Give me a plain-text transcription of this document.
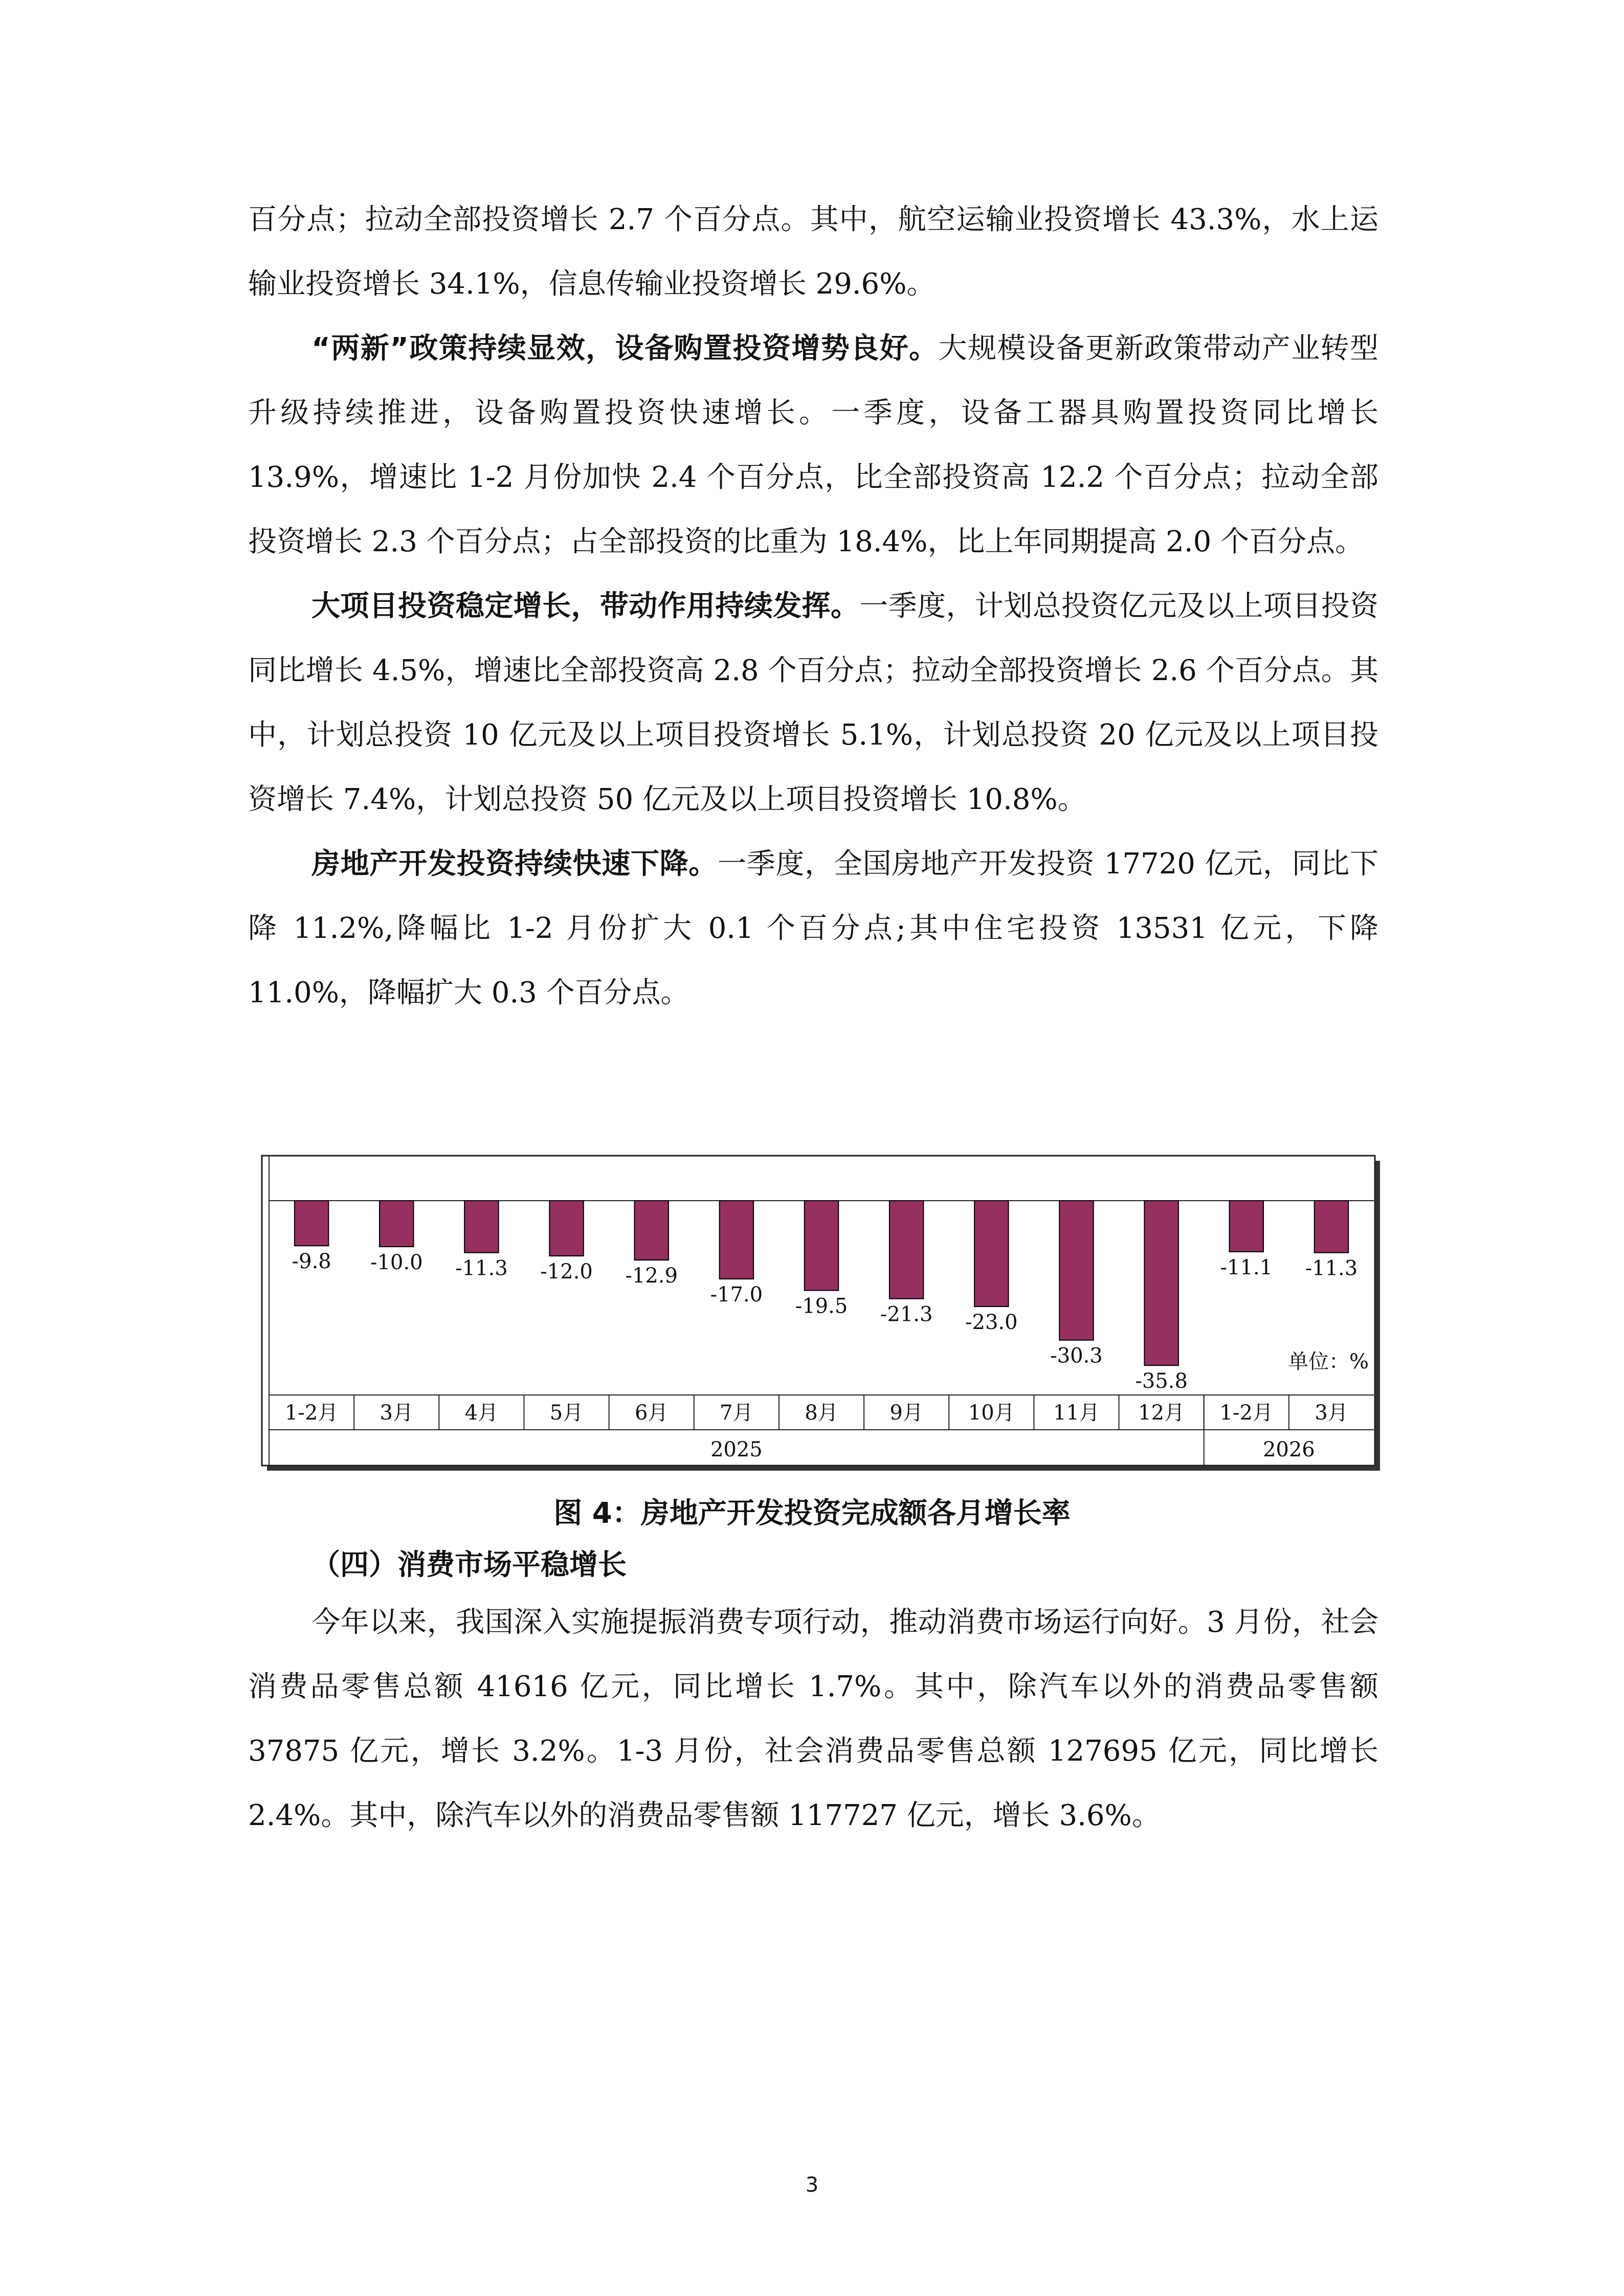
百分点；拉动全部投资增长 2.7 个百分点。其中，航空运输业投资增长 43.3%，水上运输业投资增长 34.1%，信息传输业投资增长 29.6%。

“两新”政策持续显效，设备购置投资增势良好。大规模设备更新政策带动产业转型升级持续推进，设备购置投资快速增长。一季度，设备工器具购置投资同比增长 13.9%，增速比 1-2 月份加快 2.4 个百分点，比全部投资高 12.2 个百分点；拉动全部投资增长 2.3 个百分点；占全部投资的比重为 18.4%，比上年同期提高 2.0 个百分点。

大项目投资稳定增长，带动作用持续发挥。一季度，计划总投资亿元及以上项目投资同比增长 4.5%，增速比全部投资高 2.8 个百分点；拉动全部投资增长 2.6 个百分点。其中，计划总投资 10 亿元及以上项目投资增长 5.1%，计划总投资 20 亿元及以上项目投资增长 7.4%，计划总投资 50 亿元及以上项目投资增长 10.8%。

房地产开发投资持续快速下降。一季度，全国房地产开发投资 17720 亿元，同比下降 11.2%,降幅比 1-2 月份扩大 0.1 个百分点;其中住宅投资 13531 亿元，下降 11.0%，降幅扩大 0.3 个百分点。

-9.8
1-2月
-10.0
3月
-11.3
4月
-12.0
5月
-12.9
6月
-17.0
7月
-19.5
8月
-21.3
9月
-23.0
10月
-30.3
11月
-35.8
12月
-11.1
1-2月
-11.3
3月
2025	2026
单位：%
图 4：房地产开发投资完成额各月增长率
（四）消费市场平稳增长

今年以来，我国深入实施提振消费专项行动，推动消费市场运行向好。3 月份，社会消费品零售总额 41616 亿元，同比增长 1.7%。其中，除汽车以外的消费品零售额 37875 亿元，增长 3.2%。1-3 月份，社会消费品零售总额 127695 亿元，同比增长 2.4%。其中，除汽车以外的消费品零售额 117727 亿元，增长 3.6%。

3
